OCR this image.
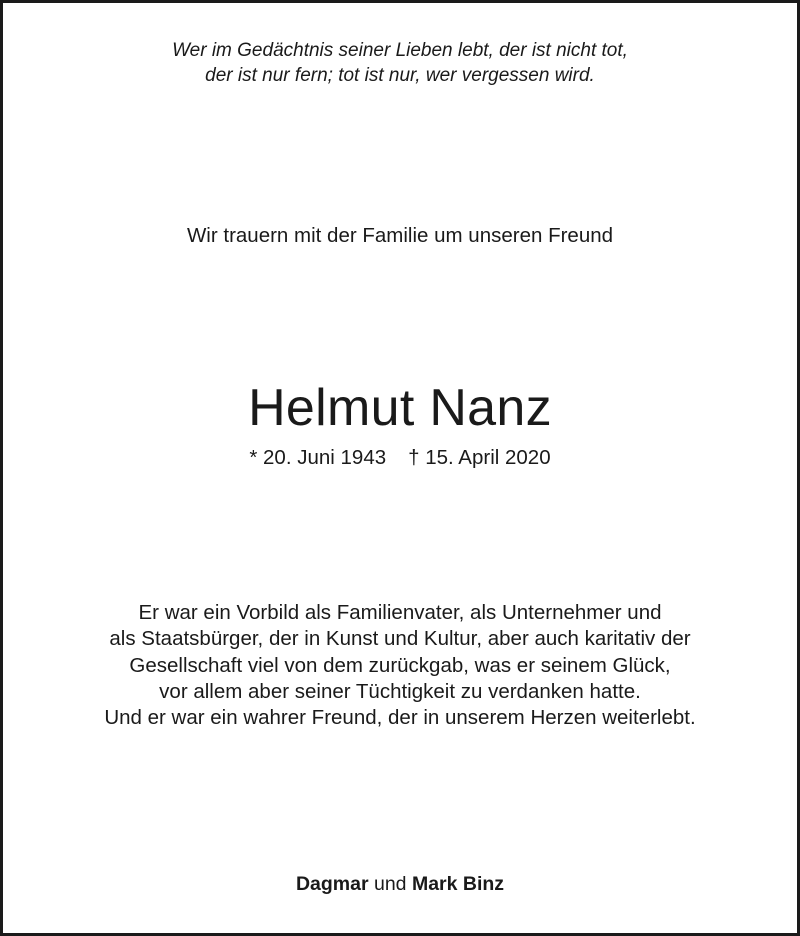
Wer im Gedächtnis seiner Lieben lebt, der ist nicht tot,
der ist nur fern; tot ist nur, wer vergessen wird.
Wir trauern mit der Familie um unseren Freund
Helmut Nanz
* 20. Juni 1943 † 15. April 2020
Er war ein Vorbild als Familienvater, als Unternehmer und
als Staatsbürger, der in Kunst und Kultur, aber auch karitativ der
Gesellschaft viel von dem zurückgab, was er seinem Glück,
vor allem aber seiner Tüchtigkeit zu verdanken hatte.
Und er war ein wahrer Freund, der in unserem Herzen weiterlebt.
Dagmar und Mark Binz
